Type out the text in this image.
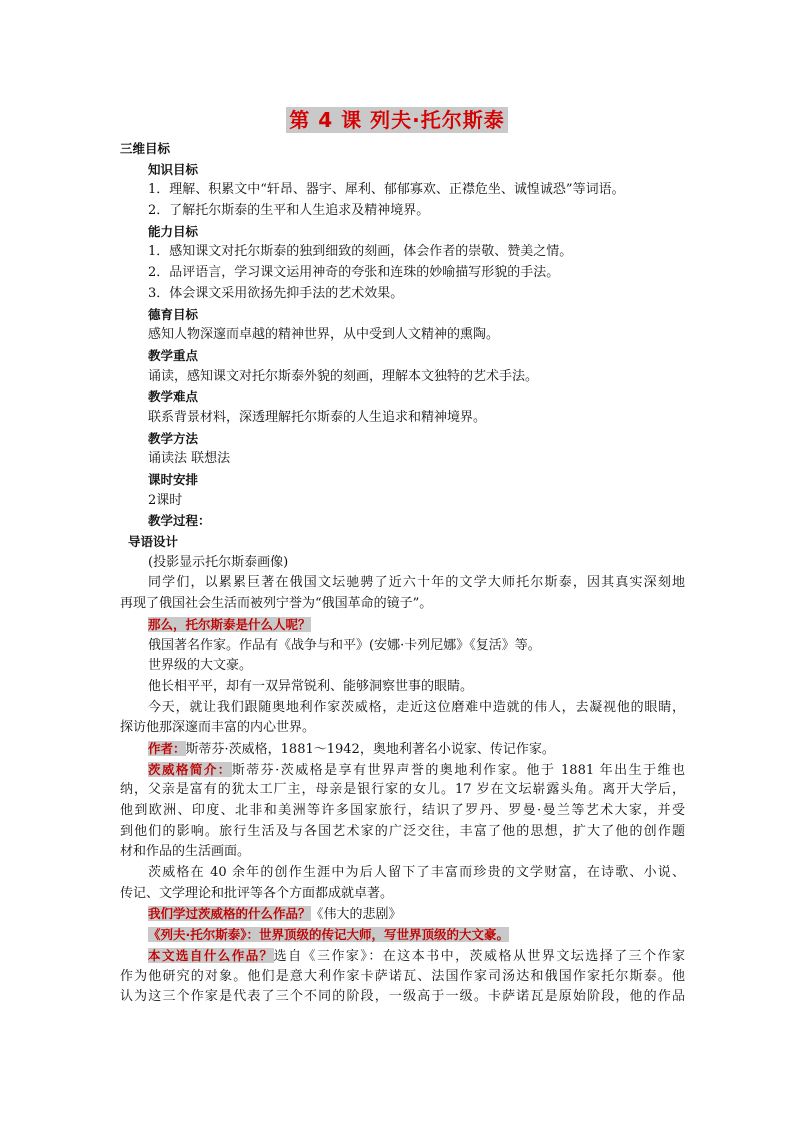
第 4 课 列夫·托尔斯泰
三维目标
知识目标
1．理解、积累文中“轩昂、器宇、犀利、郁郁寡欢、正襟危坐、诚惶诚恐”等词语。
2．了解托尔斯泰的生平和人生追求及精神境界。
能力目标
1．感知课文对托尔斯泰的独到细致的刻画，体会作者的崇敬、赞美之情。
2．品评语言，学习课文运用神奇的夸张和连珠的妙喻描写形貌的手法。
3．体会课文采用欲扬先抑手法的艺术效果。
德育目标
感知人物深邃而卓越的精神世界，从中受到人文精神的熏陶。
教学重点
诵读，感知课文对托尔斯泰外貌的刻画，理解本文独特的艺术手法。
教学难点
联系背景材料，深透理解托尔斯泰的人生追求和精神境界。
教学方法
诵读法 联想法
课时安排
2课时
教学过程：
导语设计
(投影显示托尔斯泰画像)
同学们，以累累巨著在俄国文坛驰骋了近六十年的文学大师托尔斯泰，因其真实深刻地
再现了俄国社会生活而被列宁誉为“俄国革命的镜子”。
那么，托尔斯泰是什么人呢？
俄国著名作家。作品有《战争与和平》(安娜·卡列尼娜》《复活》等。
世界级的大文豪。
他长相平平，却有一双异常锐利、能够洞察世事的眼睛。
今天，就让我们跟随奥地利作家茨威格，走近这位磨难中造就的伟人，去凝视他的眼睛，
探访他那深邃而丰富的内心世界。
作者：斯蒂芬·茨威格，1881～1942，奥地利著名小说家、传记作家。
茨威格简介：斯蒂芬·茨威格是享有世界声誉的奥地利作家。他于 1881 年出生于维也
纳，父亲是富有的犹太工厂主，母亲是银行家的女儿。17 岁在文坛崭露头角。离开大学后，
他到欧洲、印度、北非和美洲等许多国家旅行，结识了罗丹、罗曼·曼兰等艺术大家，并受
到他们的影响。旅行生活及与各国艺术家的广泛交往，丰富了他的思想，扩大了他的创作题
材和作品的生活画面。
茨威格在 40 余年的创作生涯中为后人留下了丰富而珍贵的文学财富，在诗歌、小说、
传记、文学理论和批评等各个方面都成就卓著。
我们学过茨威格的什么作品？《伟大的悲剧》
《列夫·托尔斯泰》：世界顶级的传记大师，写世界顶级的大文豪。
本文选自什么作品？选自《三作家》：在这本书中，茨威格从世界文坛选择了三个作家
作为他研究的对象。他们是意大利作家卡萨诺瓦、法国作家司汤达和俄国作家托尔斯泰。他
认为这三个作家是代表了三个不同的阶段，一级高于一级。卡萨诺瓦是原始阶段，他的作品
